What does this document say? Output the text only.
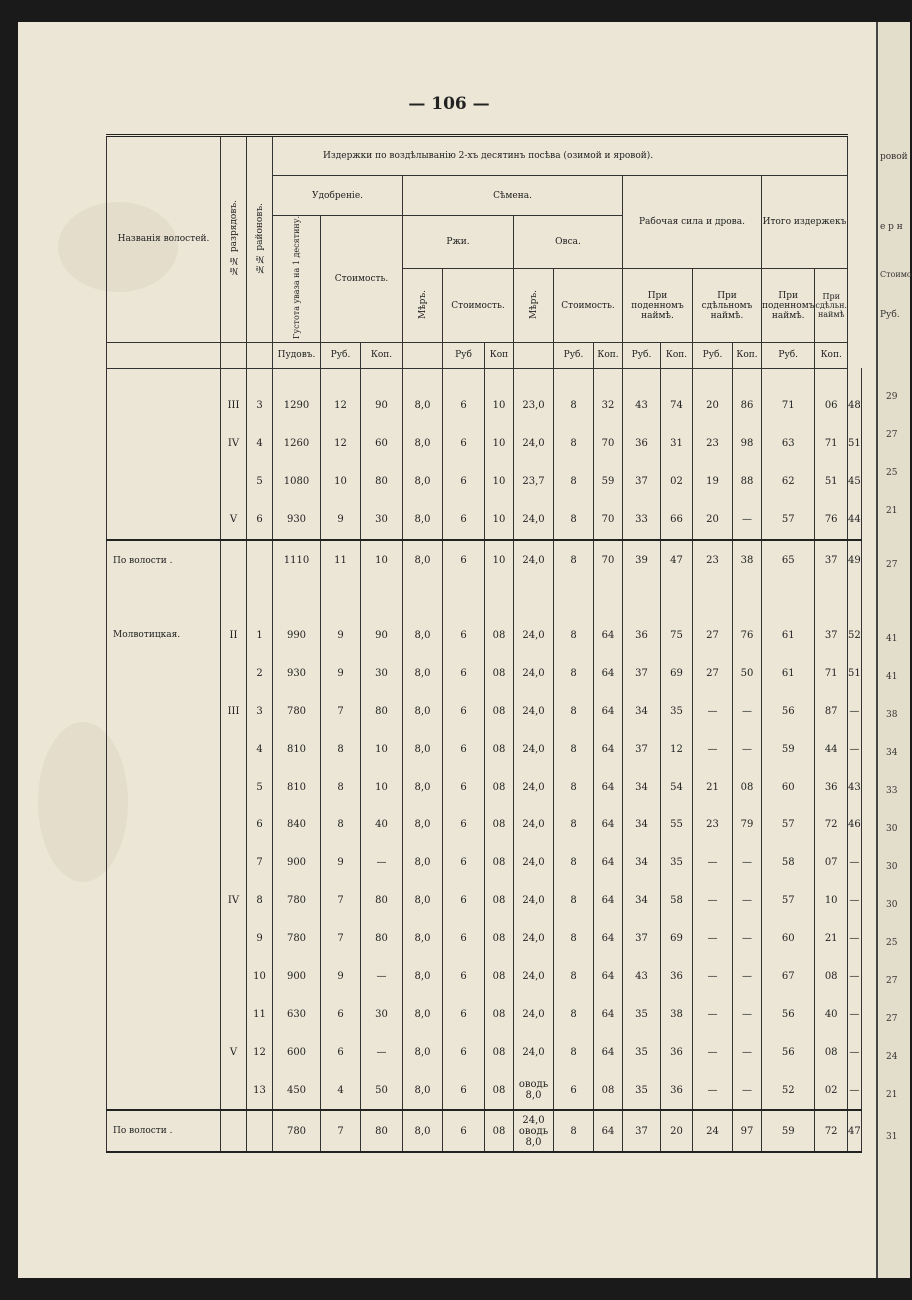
— 106 —
Названія волостей.	№№ разрядовъ.	№№ районовъ.	Издержки по воздѣлыванію 2-хъ десятинъ посѣва (озимой и яровой).															
			Удобреніе.			Сѣмена.						Рабочая сила и дрова.				Итого издержекъ		
			Густота уваза на 1 десятину.	Стоимость.		Ржи.			Овса.									
						Мѣръ.	Стоимость.		Мѣръ.	Стоимость.		При поденномъ наймѣ.		При сдѣльномъ наймѣ.		При поденномъ наймѣ.	При сдѣльн. наймѣ	
			Пудовъ.	Руб.	Коп.		Руб	Коп		Руб.	Коп.	Руб.	Коп.	Руб.	Коп.	Руб.	Коп.	

	III	3	1290	12	90	8,0	6	10	23,0	8	32	43	74	20	86	71	06	48
	IV	4	1260	12	60	8,0	6	10	24,0	8	70	36	31	23	98	63	71	51
		5	1080	10	80	8,0	6	10	23,7	8	59	37	02	19	88	62	51	45
	V	6	930	9	30	8,0	6	10	24,0	8	70	33	66	20	—	57	76	44
По волости .			1110	11	10	8,0	6	10	24,0	8	70	39	47	23	38	65	37	49

Молвотицкая.	II	1	990	9	90	8,0	6	08	24,0	8	64	36	75	27	76	61	37	52
		2	930	9	30	8,0	6	08	24,0	8	64	37	69	27	50	61	71	51
	III	3	780	7	80	8,0	6	08	24,0	8	64	34	35	—	—	56	87	—
		4	810	8	10	8,0	6	08	24,0	8	64	37	12	—	—	59	44	—
		5	810	8	10	8,0	6	08	24,0	8	64	34	54	21	08	60	36	43
		6	840	8	40	8,0	6	08	24,0	8	64	34	55	23	79	57	72	46
		7	900	9	—	8,0	6	08	24,0	8	64	34	35	—	—	58	07	—
	IV	8	780	7	80	8,0	6	08	24,0	8	64	34	58	—	—	57	10	—
		9	780	7	80	8,0	6	08	24,0	8	64	37	69	—	—	60	21	—
		10	900	9	—	8,0	6	08	24,0	8	64	43	36	—	—	67	08	—
		11	630	6	30	8,0	6	08	24,0	8	64	35	38	—	—	56	40	—
	V	12	600	6	—	8,0	6	08	24,0	8	64	35	36	—	—	56	08	—
		13	450	4	50	8,0	6	08	оводь 8,0	6	08	35	36	—	—	52	02	—
По волости .			780	7	80	8,0	6	08	24,0 оводь 8,0	8	64	37	20	24	97	59	72	47
ровой
е р н
Стоимо
Руб.
29
27
25
21
27
41
41
38
34
33
30
30
30
25
27
27
24
21
31
